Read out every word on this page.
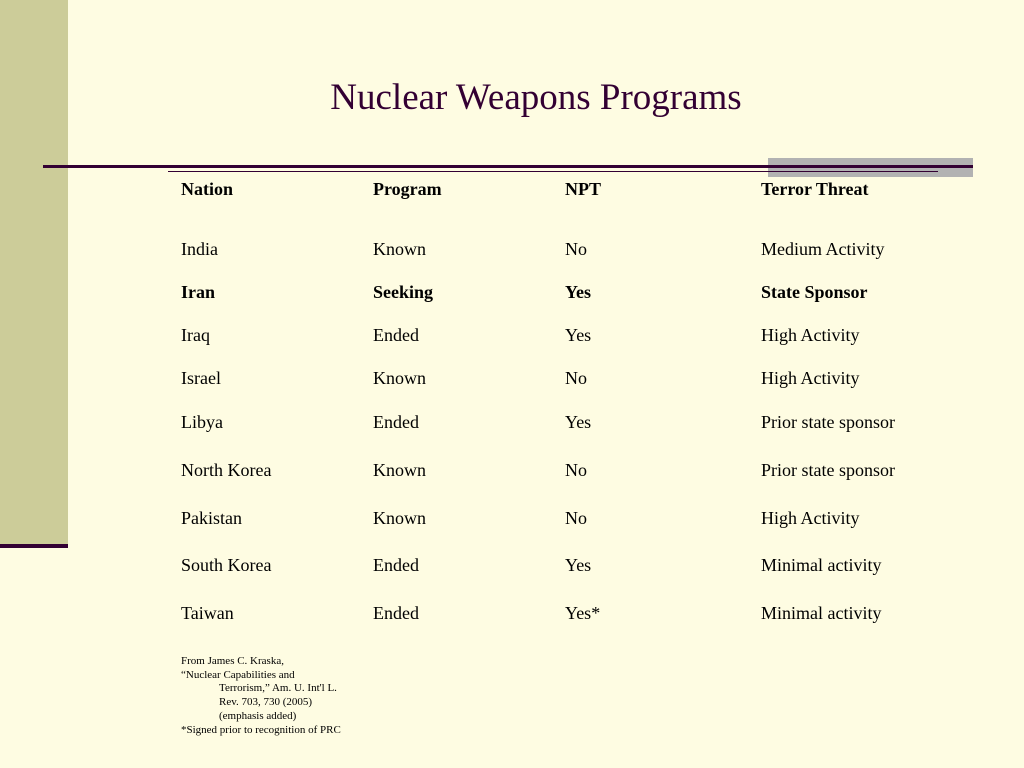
Nuclear Weapons Programs
Nation	Program	NPT	Terror Threat
India	Known	No	Medium Activity
Iran	Seeking	Yes	State Sponsor
Iraq	Ended	Yes	High Activity
Israel	Known	No	High Activity
Libya	Ended	Yes	Prior state sponsor
North Korea	Known	No	Prior state sponsor
Pakistan	Known	No	High Activity
South Korea	Ended	Yes	Minimal activity
Taiwan	Ended	Yes*	Minimal activity
From James C. Kraska,
“Nuclear Capabilities and
Terrorism,” Am. U. Int'l L.
Rev. 703, 730 (2005)
(emphasis added)
*Signed prior to recognition of PRC
